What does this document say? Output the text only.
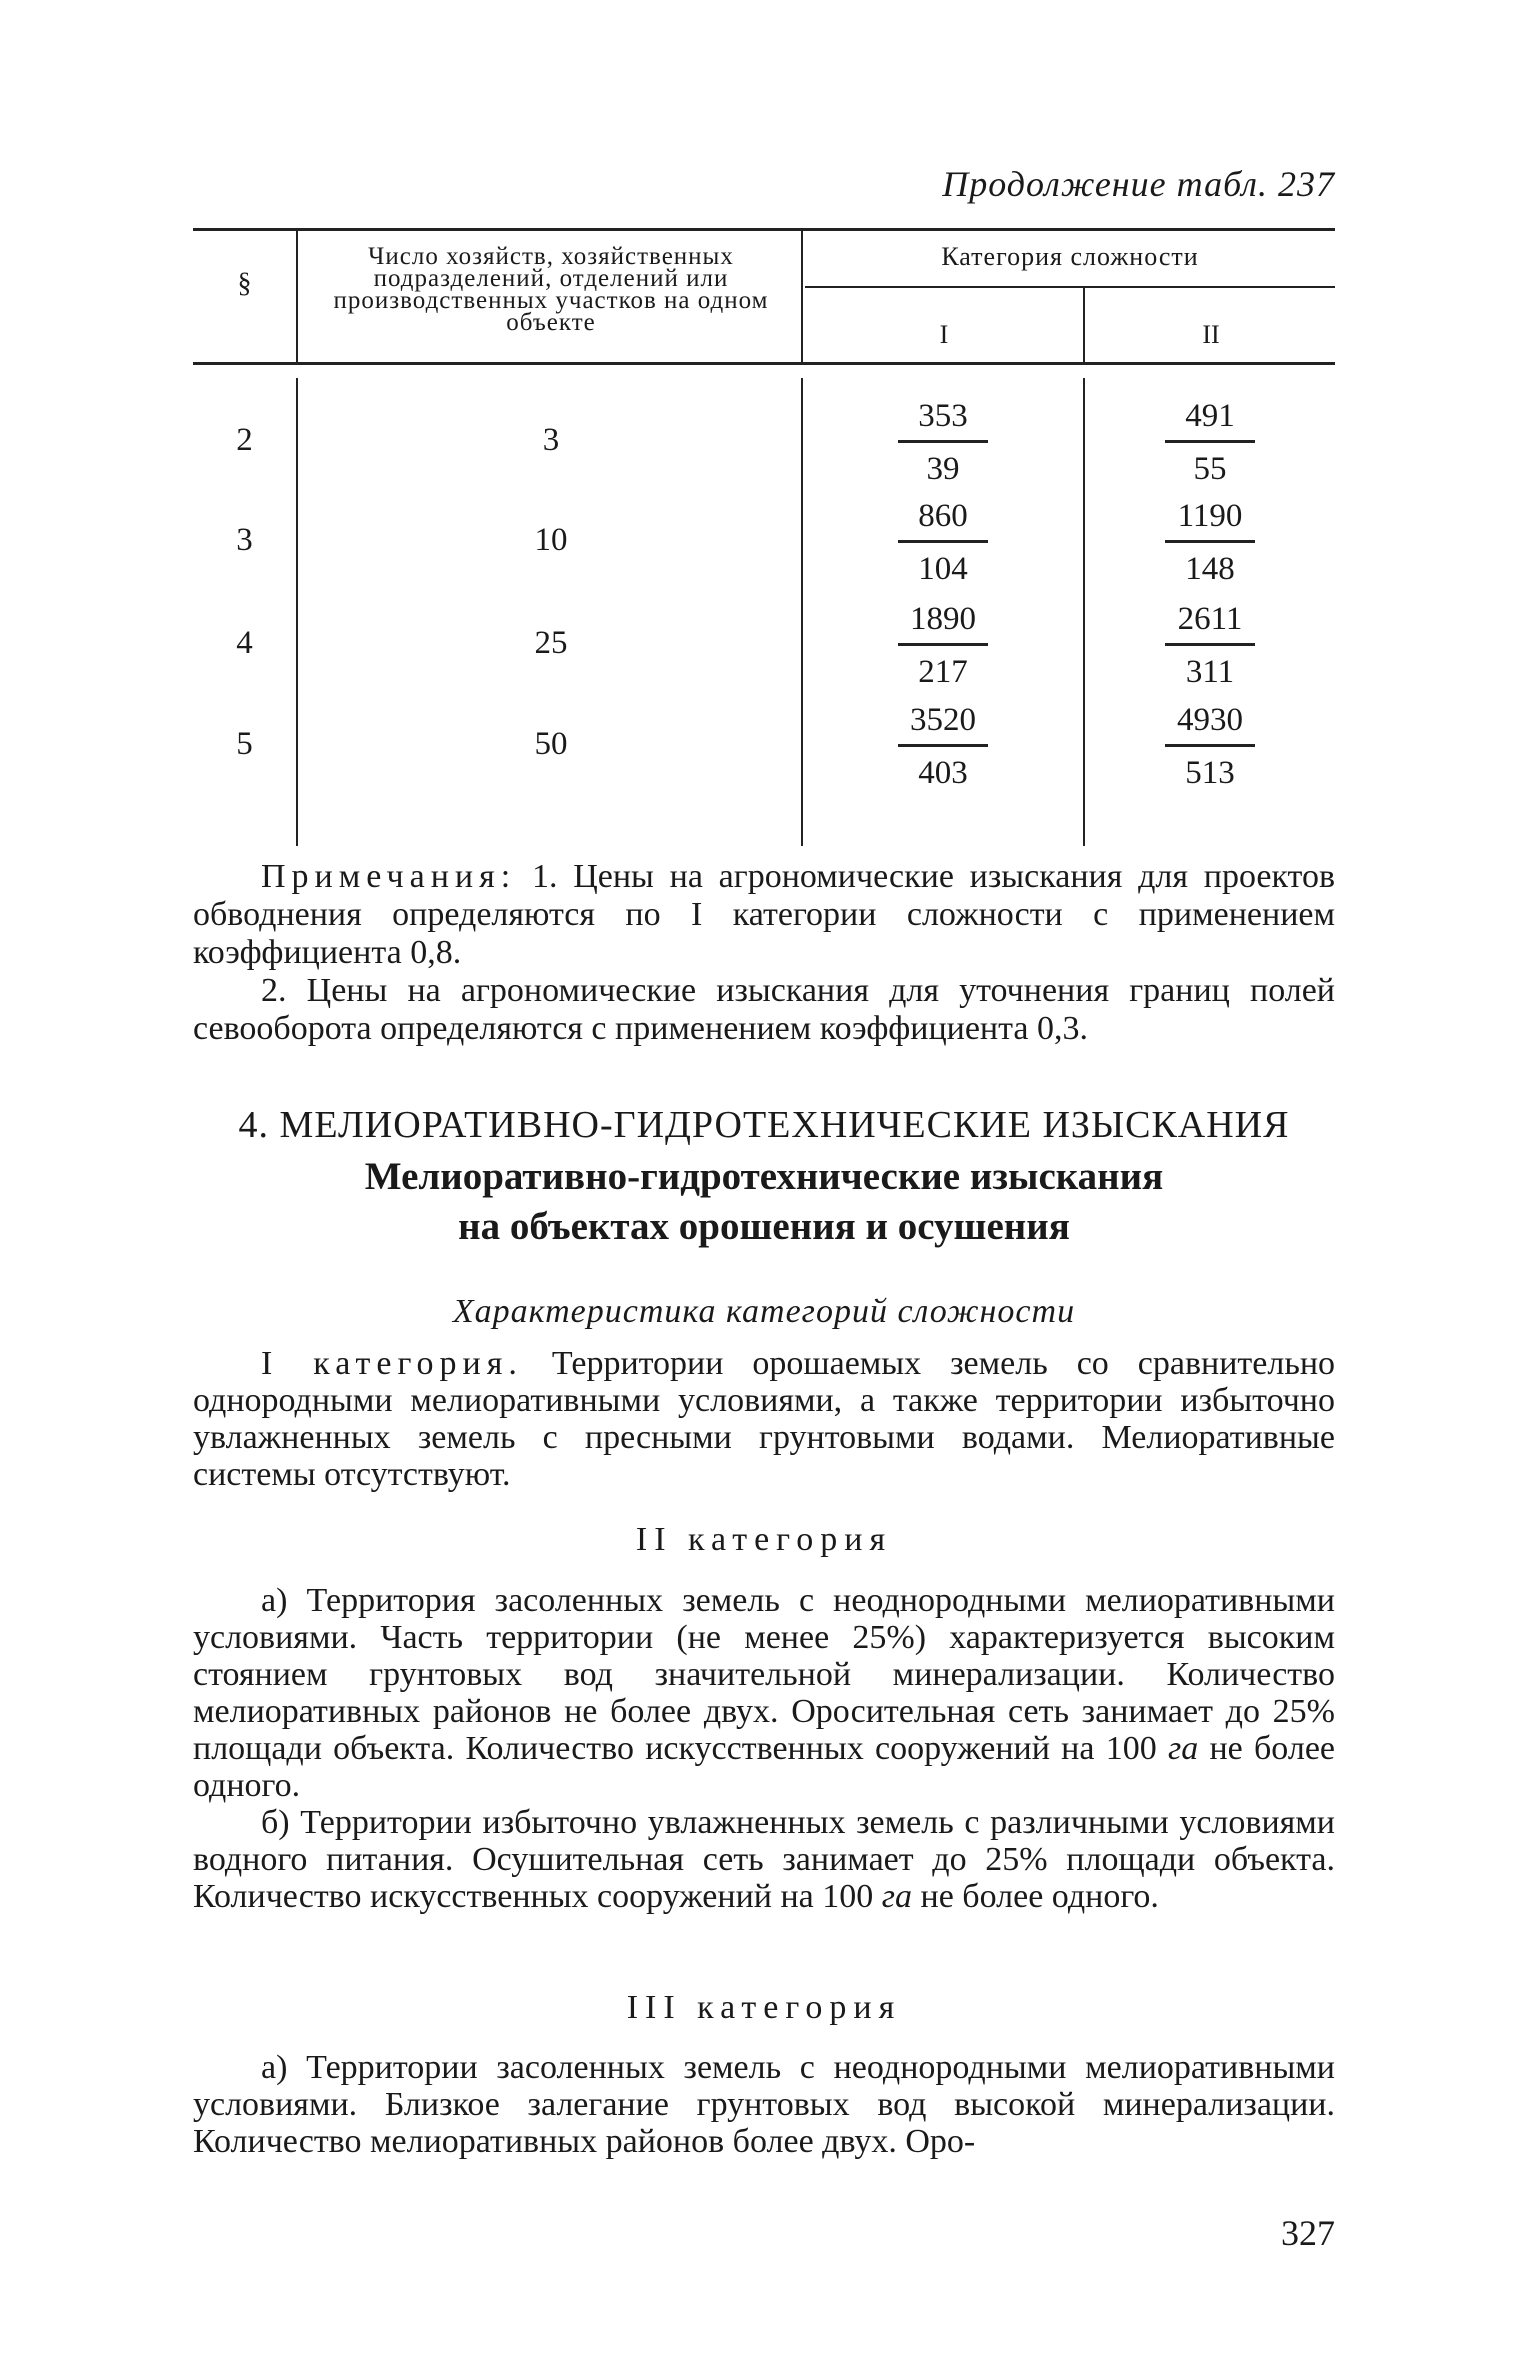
Продолжение табл. 237
§
Число хозяйств, хозяйственных подразделений, отделений или производственных участков на одном объекте
Категория сложности
I	II
2	3	$\frac{353}{39}$	$\frac{491}{55}$
3	10	$\frac{860}{104}$	$\frac{1190}{148}$
4	25	$\frac{1890}{217}$	$\frac{2611}{311}$
5	50	$\frac{3520}{403}$	$\frac{4930}{513}$

Примечания: 1. Цены на агрономические изыскания для проектов обводнения определяются по I категории сложности с применением коэффициента 0,8.

2. Цены на агрономические изыскания для уточнения границ полей севооборота определяются с применением коэффициента 0,3.

4. МЕЛИОРАТИВНО-ГИДРОТЕХНИЧЕСКИЕ ИЗЫСКАНИЯ
Мелиоративно-гидротехнические изыскания
на объектах орошения и осушения
Характеристика категорий сложности

I категория. Территории орошаемых земель со сравнительно однородными мелиоративными условиями, а также территории избыточно увлажненных земель с пресными грунтовыми водами. Мелиоративные системы отсутствуют.

II категория

а) Территория засоленных земель с неоднородными мелиоративными условиями. Часть территории (не менее 25%) характеризуется высоким стоянием грунтовых вод значительной минерализации. Количество мелиоративных районов не более двух. Оросительная сеть занимает до 25% площади объекта. Количество искусственных сооружений на 100 га не более одного.

б) Территории избыточно увлажненных земель с различными условиями водного питания. Осушительная сеть занимает до 25% площади объекта. Количество искусственных сооружений на 100 га не более одного.

III категория

а) Территории засоленных земель с неоднородными мелиоративными условиями. Близкое залегание грунтовых вод высокой минерализации. Количество мелиоративных районов более двух. Оро-

327
